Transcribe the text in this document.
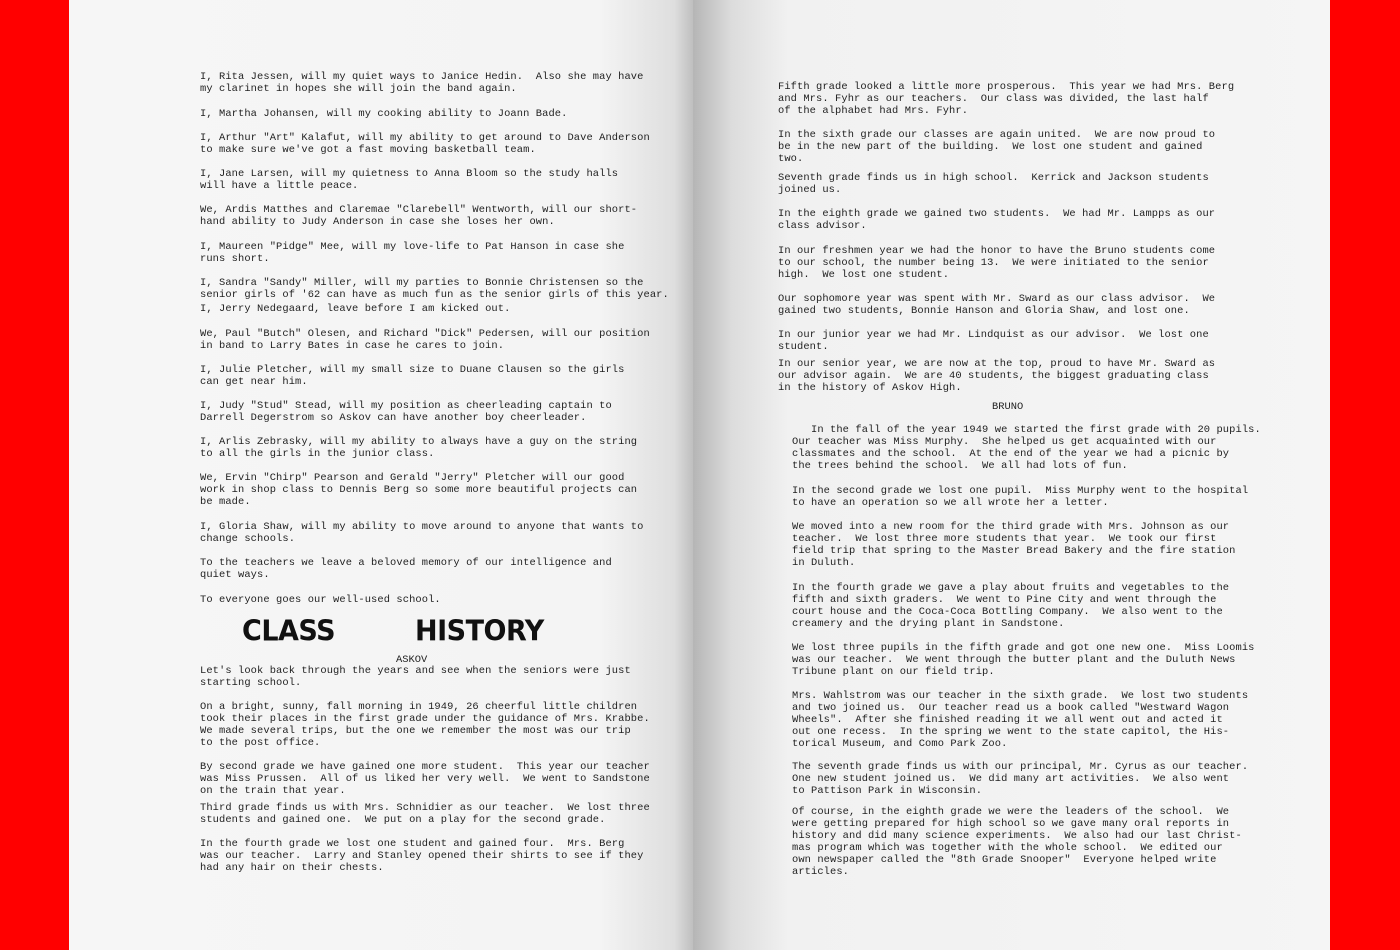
I, Rita Jessen, will my quiet ways to Janice Hedin.  Also she may have
my clarinet in hopes she will join the band again.

I, Martha Johansen, will my cooking ability to Joann Bade.

I, Arthur "Art" Kalafut, will my ability to get around to Dave Anderson
to make sure we've got a fast moving basketball team.

I, Jane Larsen, will my quietness to Anna Bloom so the study halls
will have a little peace.

We, Ardis Matthes and Claremae "Clarebell" Wentworth, will our short-
hand ability to Judy Anderson in case she loses her own.

I, Maureen "Pidge" Mee, will my love-life to Pat Hanson in case she
runs short.

I, Sandra "Sandy" Miller, will my parties to Bonnie Christensen so the
senior girls of '62 can have as much fun as the senior girls of this year.

I, Jerry Nedegaard, leave before I am kicked out.

We, Paul "Butch" Olesen, and Richard "Dick" Pedersen, will our position
in band to Larry Bates in case he cares to join.

I, Julie Pletcher, will my small size to Duane Clausen so the girls
can get near him.

I, Judy "Stud" Stead, will my position as cheerleading captain to
Darrell Degerstrom so Askov can have another boy cheerleader.

I, Arlis Zebrasky, will my ability to always have a guy on the string
to all the girls in the junior class.

We, Ervin "Chirp" Pearson and Gerald "Jerry" Pletcher will our good
work in shop class to Dennis Berg so some more beautiful projects can
be made.

I, Gloria Shaw, will my ability to move around to anyone that wants to
change schools.

To the teachers we leave a beloved memory of our intelligence and
quiet ways.

To everyone goes our well-used school.

CLASS	HISTORY

ASKOV

Let's look back through the years and see when the seniors were just
starting school.

On a bright, sunny, fall morning in 1949, 26 cheerful little children
took their places in the first grade under the guidance of Mrs. Krabbe.
We made several trips, but the one we remember the most was our trip
to the post office.

By second grade we have gained one more student.  This year our teacher
was Miss Prussen.  All of us liked her very well.  We went to Sandstone
on the train that year.

Third grade finds us with Mrs. Schnidier as our teacher.  We lost three
students and gained one.  We put on a play for the second grade.

In the fourth grade we lost one student and gained four.  Mrs. Berg
was our teacher.  Larry and Stanley opened their shirts to see if they
had any hair on their chests.

Fifth grade looked a little more prosperous.  This year we had Mrs. Berg
and Mrs. Fyhr as our teachers.  Our class was divided, the last half
of the alphabet had Mrs. Fyhr.

In the sixth grade our classes are again united.  We are now proud to
be in the new part of the building.  We lost one student and gained
two.

Seventh grade finds us in high school.  Kerrick and Jackson students
joined us.

In the eighth grade we gained two students.  We had Mr. Lampps as our
class advisor.

In our freshmen year we had the honor to have the Bruno students come
to our school, the number being 13.  We were initiated to the senior
high.  We lost one student.

Our sophomore year was spent with Mr. Sward as our class advisor.  We
gained two students, Bonnie Hanson and Gloria Shaw, and lost one.

In our junior year we had Mr. Lindquist as our advisor.  We lost one
student.

In our senior year, we are now at the top, proud to have Mr. Sward as
our advisor again.  We are 40 students, the biggest graduating class
in the history of Askov High.

BRUNO

In the fall of the year 1949 we started the first grade with 20 pupils.
Our teacher was Miss Murphy.  She helped us get acquainted with our
classmates and the school.  At the end of the year we had a picnic by
the trees behind the school.  We all had lots of fun.

In the second grade we lost one pupil.  Miss Murphy went to the hospital
to have an operation so we all wrote her a letter.

We moved into a new room for the third grade with Mrs. Johnson as our
teacher.  We lost three more students that year.  We took our first
field trip that spring to the Master Bread Bakery and the fire station
in Duluth.

In the fourth grade we gave a play about fruits and vegetables to the
fifth and sixth graders.  We went to Pine City and went through the
court house and the Coca-Coca Bottling Company.  We also went to the
creamery and the drying plant in Sandstone.

We lost three pupils in the fifth grade and got one new one.  Miss Loomis
was our teacher.  We went through the butter plant and the Duluth News
Tribune plant on our field trip.

Mrs. Wahlstrom was our teacher in the sixth grade.  We lost two students
and two joined us.  Our teacher read us a book called "Westward Wagon
Wheels".  After she finished reading it we all went out and acted it
out one recess.  In the spring we went to the state capitol, the His-
torical Museum, and Como Park Zoo.

The seventh grade finds us with our principal, Mr. Cyrus as our teacher.
One new student joined us.  We did many art activities.  We also went
to Pattison Park in Wisconsin.

Of course, in the eighth grade we were the leaders of the school.  We
were getting prepared for high school so we gave many oral reports in
history and did many science experiments.  We also had our last Christ-
mas program which was together with the whole school.  We edited our
own newspaper called the "8th Grade Snooper"  Everyone helped write
articles.
